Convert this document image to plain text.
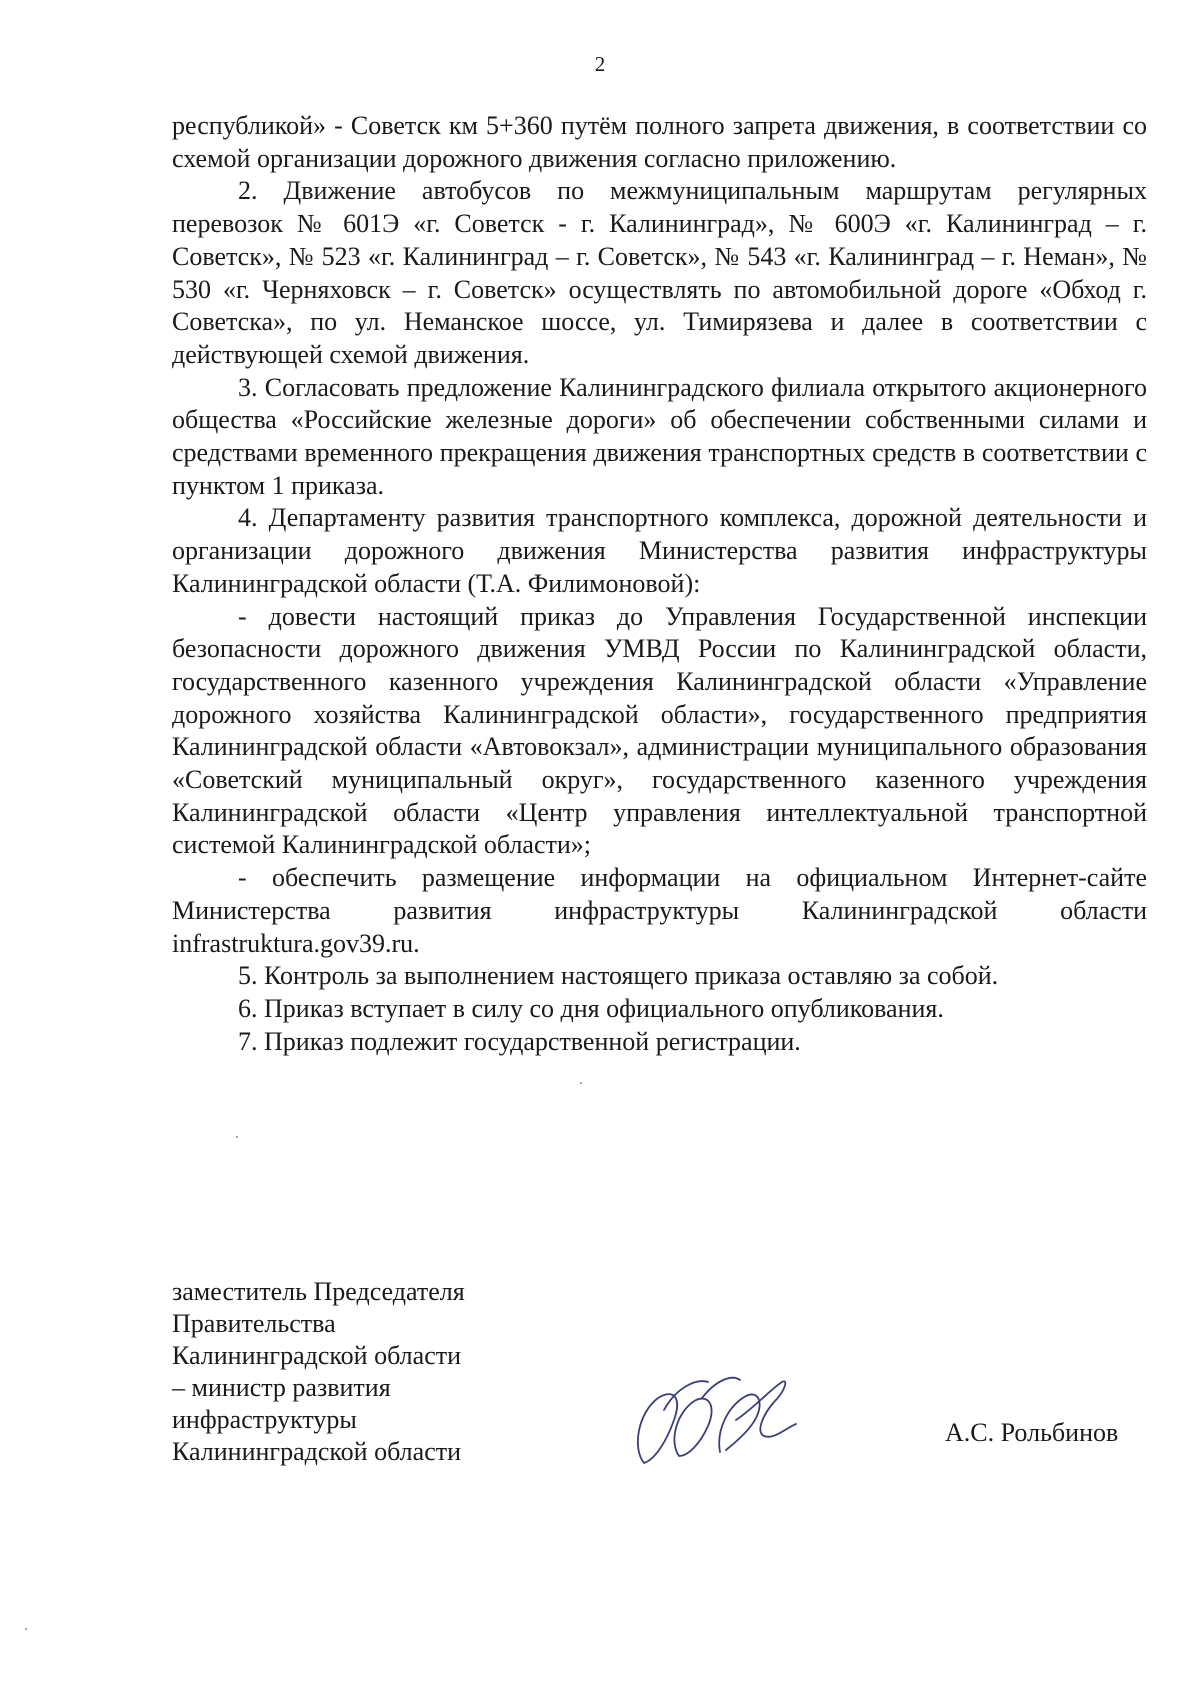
2

республикой» - Советск км 5+360 путём полного запрета движения, в соответствии со схемой организации дорожного движения согласно приложению.

2. Движение автобусов по межмуниципальным маршрутам регулярных перевозок № 601Э «г. Советск - г. Калининград», № 600Э «г. Калининград – г. Советск», № 523 «г. Калининград – г. Советск», № 543 «г. Калининград – г. Неман», № 530 «г. Черняховск – г. Советск» осуществлять по автомобильной дороге «Обход г. Советска», по ул. Неманское шоссе, ул. Тимирязева и далее в соответствии с действующей схемой движения.

3. Согласовать предложение Калининградского филиала открытого акционерного общества «Российские железные дороги» об обеспечении собственными силами и средствами временного прекращения движения транспортных средств в соответствии с пунктом 1 приказа.

4. Департаменту развития транспортного комплекса, дорожной деятельности и организации дорожного движения Министерства развития инфраструктуры Калининградской области (Т.А. Филимоновой):

- довести настоящий приказ до Управления Государственной инспекции безопасности дорожного движения УМВД России по Калининградской области, государственного казенного учреждения Калининградской области «Управление дорожного хозяйства Калининградской области», государственного предприятия Калининградской области «Автовокзал», администрации муниципального образования «Советский муниципальный округ», государственного казенного учреждения Калининградской области «Центр управления интеллектуальной транспортной системой Калининградской области»;

- обеспечить размещение информации на официальном Интернет-сайте Министерства развития инфраструктуры Калининградской области infrastruktura.gov39.ru.

5. Контроль за выполнением настоящего приказа оставляю за собой.

6. Приказ вступает в силу со дня официального опубликования.

7. Приказ подлежит государственной регистрации.

заместитель Председателя
Правительства
Калининградской области
– министр развития
инфраструктуры
Калининградской области
А.С. Рольбинов
